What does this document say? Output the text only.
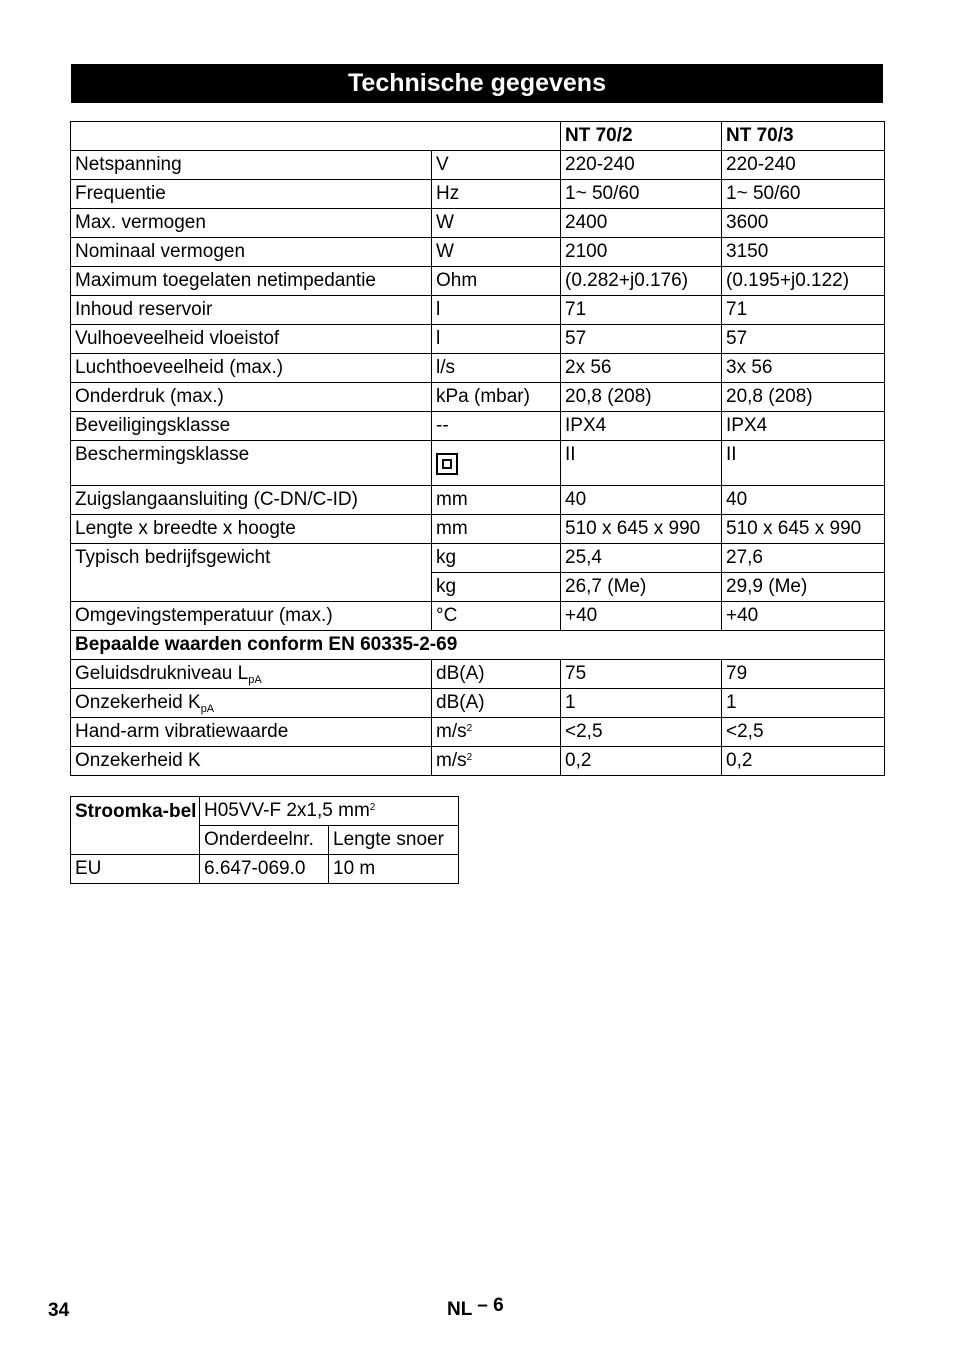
Technische gegevens
		NT 70/2	NT 70/3
Netspanning	V	220-240	220-240
Frequentie	Hz	1~ 50/60	1~ 50/60
Max. vermogen	W	2400	3600
Nominaal vermogen	W	2100	3150
Maximum toegelaten netimpedantie	Ohm	(0.282+j0.176)	(0.195+j0.122)
Inhoud reservoir	l	71	71
Vulhoeveelheid vloeistof	l	57	57
Luchthoeveelheid (max.)	l/s	2x 56	3x 56
Onderdruk (max.)	kPa (mbar)	20,8 (208)	20,8 (208)
Beveiligingsklasse	--	IPX4	IPX4
Beschermingsklasse		II	II
Zuigslangaansluiting (C-DN/C-ID)	mm	40	40
Lengte x breedte x hoogte	mm	510 x 645 x 990	510 x 645 x 990
Typisch bedrijfsgewicht	kg	25,4	27,6
	kg	26,7 (Me)	29,9 (Me)
Omgevingstemperatuur (max.)	°C	+40	+40
Bepaalde waarden conform EN 60335-2-69			
Geluidsdrukniveau $L_{pA}$	dB(A)	75	79
Onzekerheid $K_{pA}$	dB(A)	1	1
Hand-arm vibratiewaarde	$m/s^2$	<2,5	<2,5
Onzekerheid K	$m/s^2$	0,2	0,2
Stroomka-bel	H05VV-F 2x1,5 $mm^2$
	Onderdeelnr.	Lengte snoer
EU	6.647-069.0	10 m
34	NL $^{- 6}$
